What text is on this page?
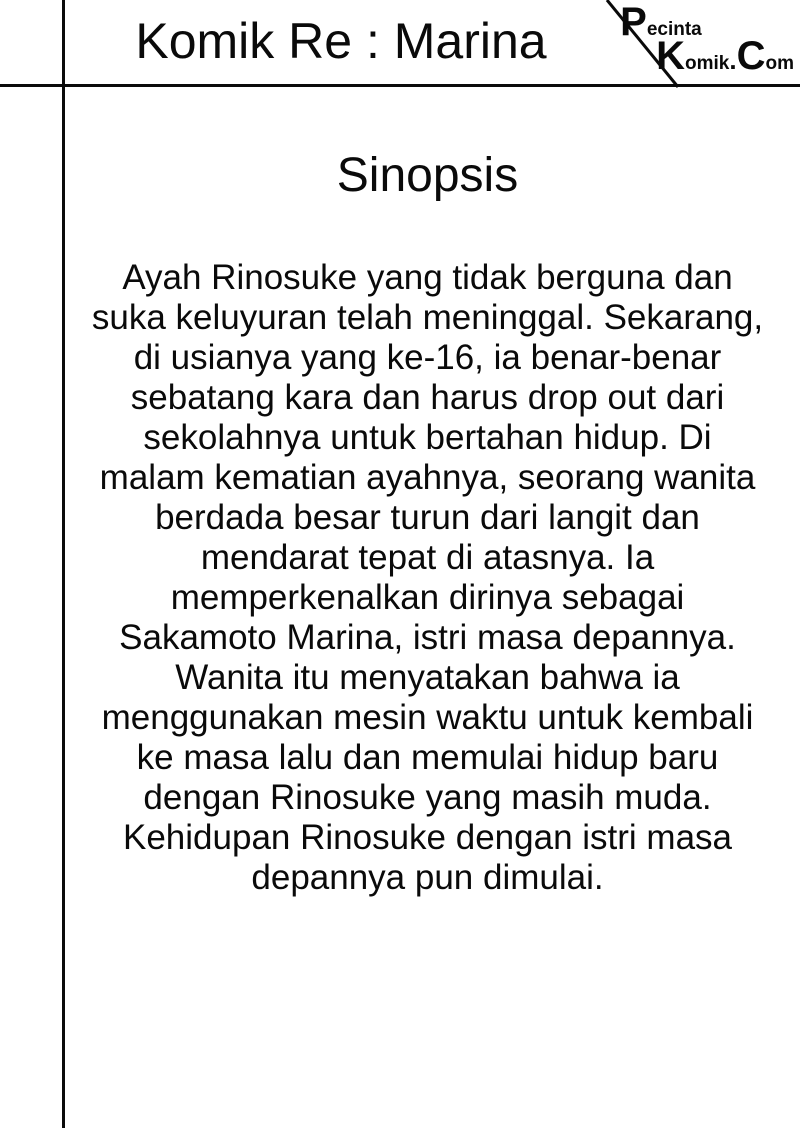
Komik Re : Marina	Pecinta
Komik.Com
Sinopsis
Ayah Rinosuke yang tidak berguna dan
suka keluyuran telah meninggal. Sekarang,
di usianya yang ke-16, ia benar-benar
sebatang kara dan harus drop out dari
sekolahnya untuk bertahan hidup. Di
malam kematian ayahnya, seorang wanita
berdada besar turun dari langit dan
mendarat tepat di atasnya. Ia
memperkenalkan dirinya sebagai
Sakamoto Marina, istri masa depannya.
Wanita itu menyatakan bahwa ia
menggunakan mesin waktu untuk kembali
ke masa lalu dan memulai hidup baru
dengan Rinosuke yang masih muda.
Kehidupan Rinosuke dengan istri masa
depannya pun dimulai.
